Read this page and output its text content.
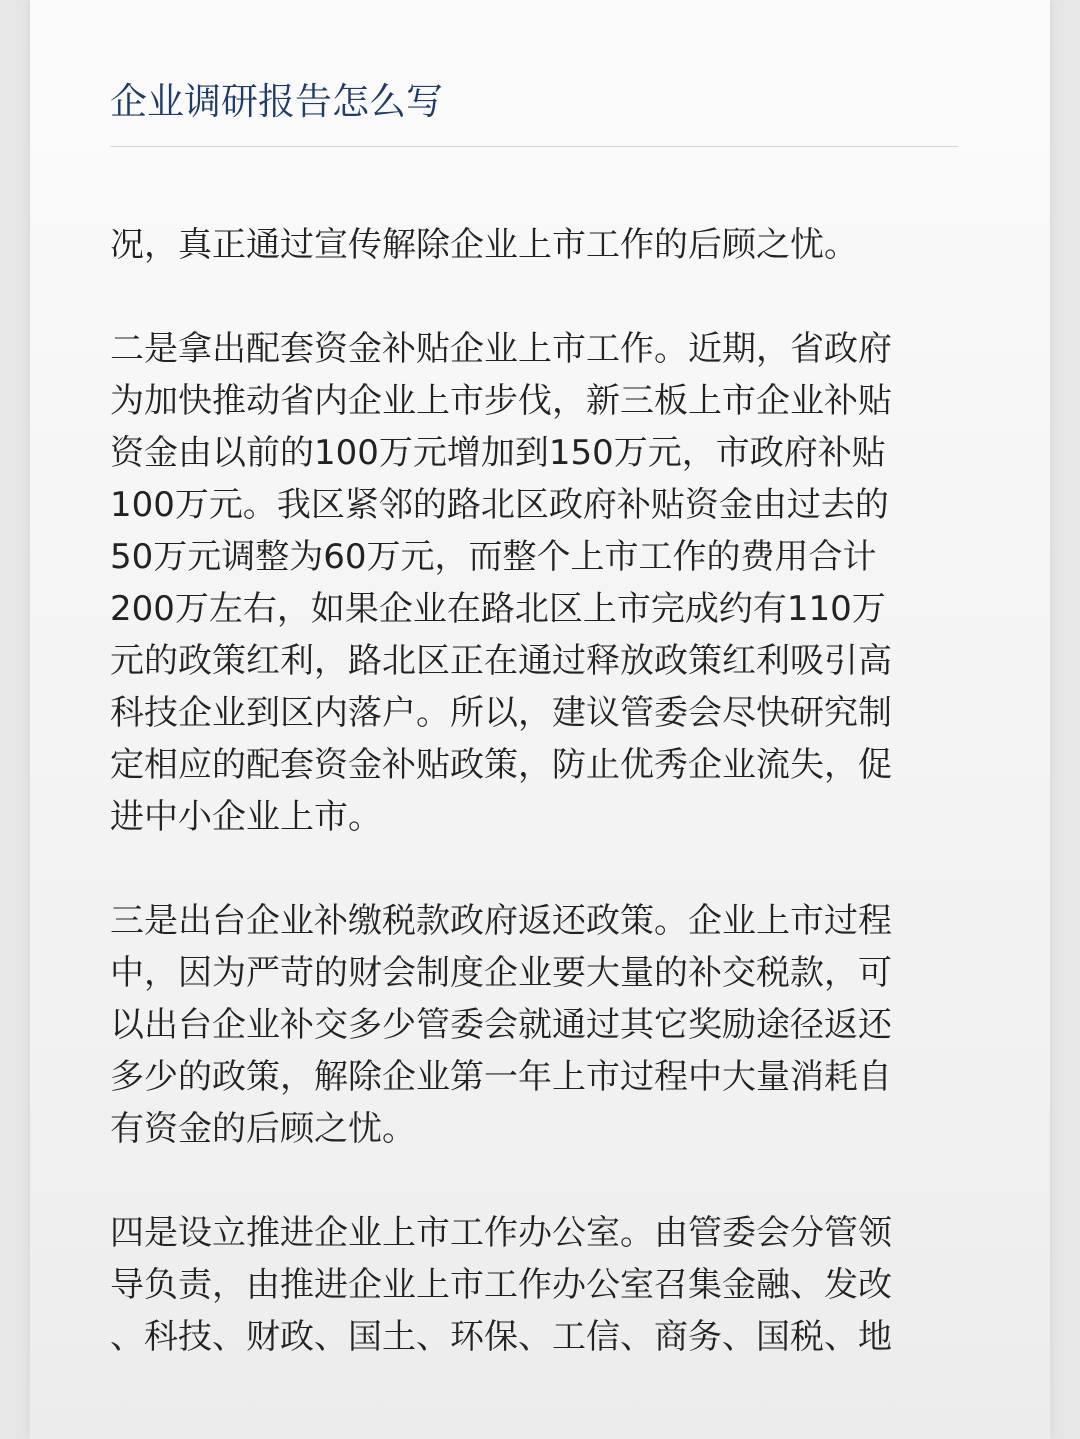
企业调研报告怎么写

况，真正通过宣传解除企业上市工作的后顾之忧。

二是拿出配套资金补贴企业上市工作。近期，省政府
为加快推动省内企业上市步伐，新三板上市企业补贴
资金由以前的100万元增加到150万元，市政府补贴
100万元。我区紧邻的路北区政府补贴资金由过去的
50万元调整为60万元，而整个上市工作的费用合计
200万左右，如果企业在路北区上市完成约有110万
元的政策红利，路北区正在通过释放政策红利吸引高
科技企业到区内落户。所以，建议管委会尽快研究制
定相应的配套资金补贴政策，防止优秀企业流失，促
进中小企业上市。

三是出台企业补缴税款政府返还政策。企业上市过程
中，因为严苛的财会制度企业要大量的补交税款，可
以出台企业补交多少管委会就通过其它奖励途径返还
多少的政策，解除企业第一年上市过程中大量消耗自
有资金的后顾之忧。

四是设立推进企业上市工作办公室。由管委会分管领
导负责，由推进企业上市工作办公室召集金融、发改
、科技、财政、国土、环保、工信、商务、国税、地
